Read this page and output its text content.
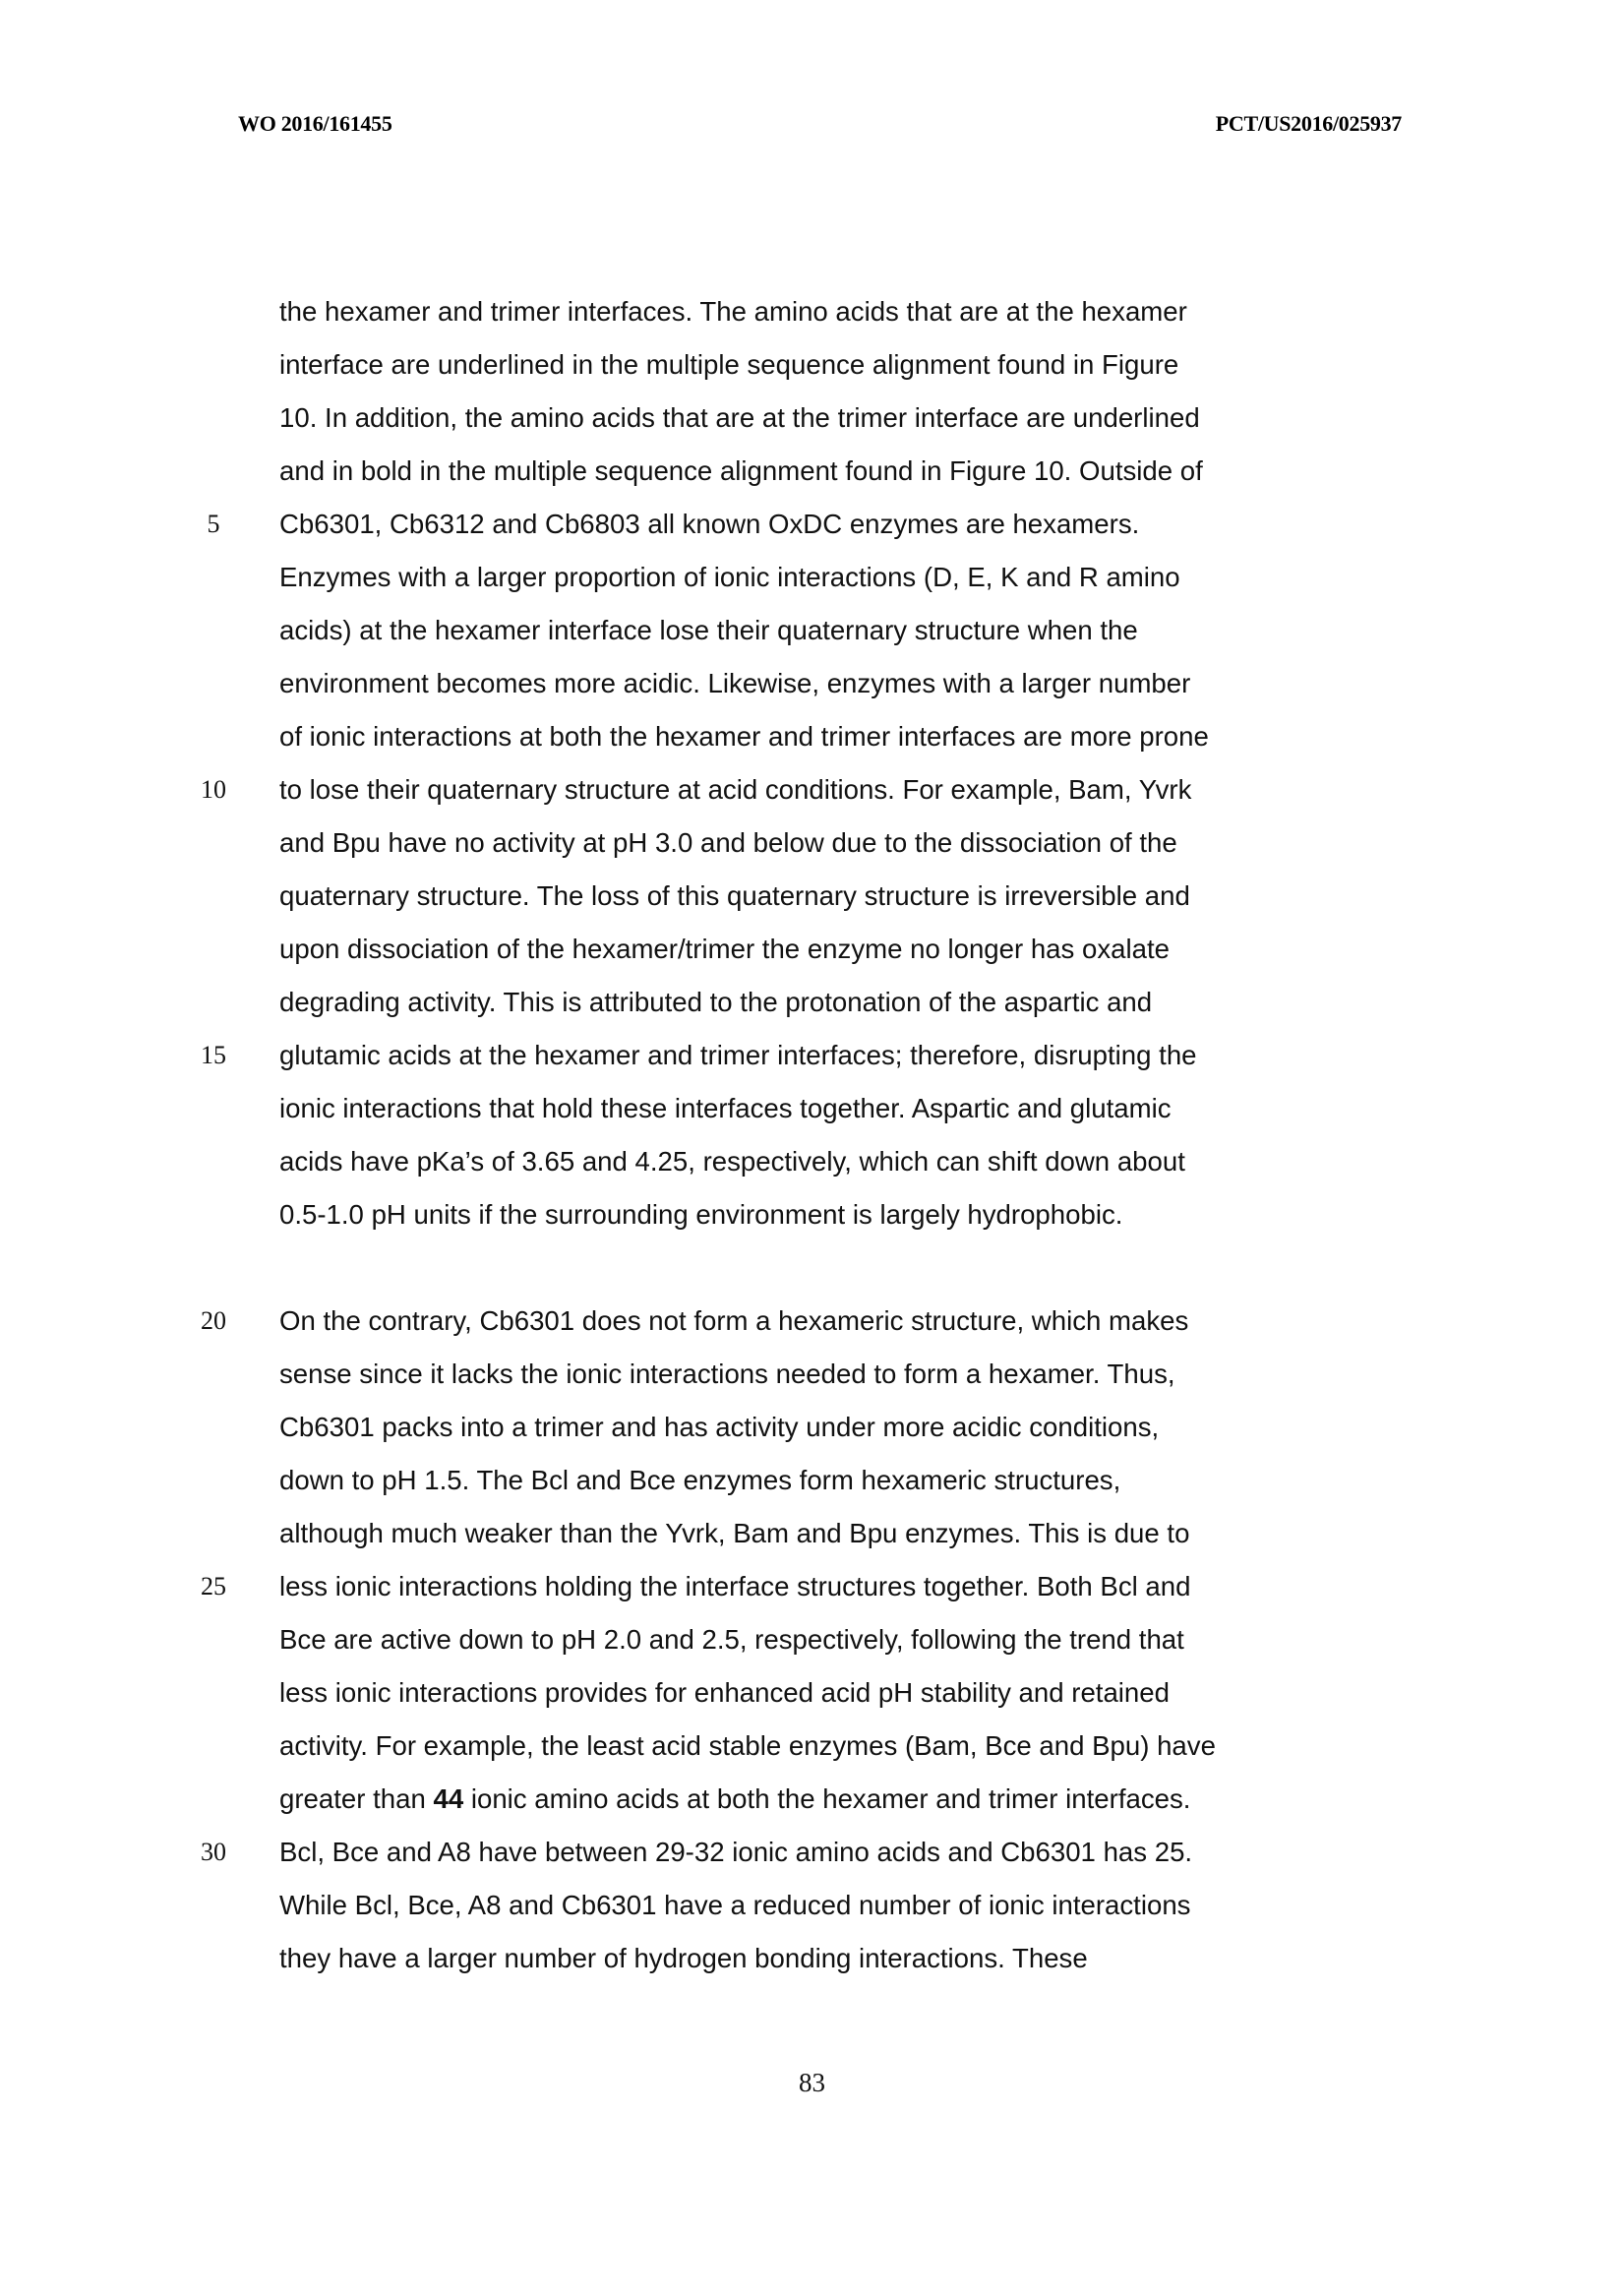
WO 2016/161455	PCT/US2016/025937
the hexamer and trimer interfaces. The amino acids that are at the hexamer
interface are underlined in the multiple sequence alignment found in Figure
10. In addition, the amino acids that are at the trimer interface are underlined
and in bold in the multiple sequence alignment found in Figure 10. Outside of
Cb6301, Cb6312 and Cb6803 all known OxDC enzymes are hexamers.
Enzymes with a larger proportion of ionic interactions (D, E, K and R amino
acids) at the hexamer interface lose their quaternary structure when the
environment becomes more acidic. Likewise, enzymes with a larger number
of ionic interactions at both the hexamer and trimer interfaces are more prone
to lose their quaternary structure at acid conditions. For example, Bam, Yvrk
and Bpu have no activity at pH 3.0 and below due to the dissociation of the
quaternary structure. The loss of this quaternary structure is irreversible and
upon dissociation of the hexamer/trimer the enzyme no longer has oxalate
degrading activity. This is attributed to the protonation of the aspartic and
glutamic acids at the hexamer and trimer interfaces; therefore, disrupting the
ionic interactions that hold these interfaces together. Aspartic and glutamic
acids have pKa’s of 3.65 and 4.25, respectively, which can shift down about
0.5-1.0 pH units if the surrounding environment is largely hydrophobic.
On the contrary, Cb6301 does not form a hexameric structure, which makes
sense since it lacks the ionic interactions needed to form a hexamer. Thus,
Cb6301 packs into a trimer and has activity under more acidic conditions,
down to pH 1.5. The Bcl and Bce enzymes form hexameric structures,
although much weaker than the Yvrk, Bam and Bpu enzymes. This is due to
less ionic interactions holding the interface structures together. Both Bcl and
Bce are active down to pH 2.0 and 2.5, respectively, following the trend that
less ionic interactions provides for enhanced acid pH stability and retained
activity. For example, the least acid stable enzymes (Bam, Bce and Bpu) have
greater than 44 ionic amino acids at both the hexamer and trimer interfaces.
Bcl, Bce and A8 have between 29-32 ionic amino acids and Cb6301 has 25.
While Bcl, Bce, A8 and Cb6301 have a reduced number of ionic interactions
they have a larger number of hydrogen bonding interactions. These
5
10
15
20
25
30
83
